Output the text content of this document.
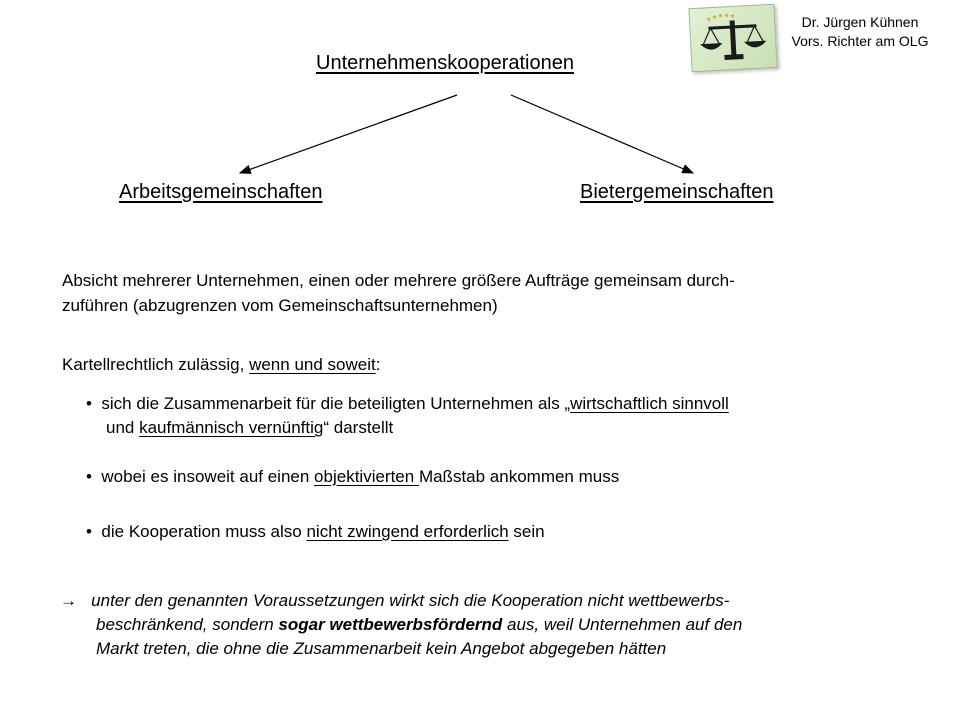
★ ★ ★ ★ ★	Dr. Jürgen Kühnen
Vors. Richter am OLG
Unternehmenskooperationen
Arbeitsgemeinschaften	Bietergemeinschaften
Absicht mehrerer Unternehmen, einen oder mehrere größere Aufträge gemeinsam durch-
zuführen (abzugrenzen vom Gemeinschaftsunternehmen)
Kartellrechtlich zulässig, wenn und soweit:
• sich die Zusammenarbeit für die beteiligten Unternehmen als „wirtschaftlich sinnvoll
und kaufmännisch vernünftig“ darstellt
• wobei es insoweit auf einen objektivierten Maßstab ankommen muss
• die Kooperation muss also nicht zwingend erforderlich sein
→ unter den genannten Voraussetzungen wirkt sich die Kooperation nicht wettbewerbs-
beschränkend, sondern sogar wettbewerbsfördernd aus, weil Unternehmen auf den
Markt treten, die ohne die Zusammenarbeit kein Angebot abgegeben hätten
